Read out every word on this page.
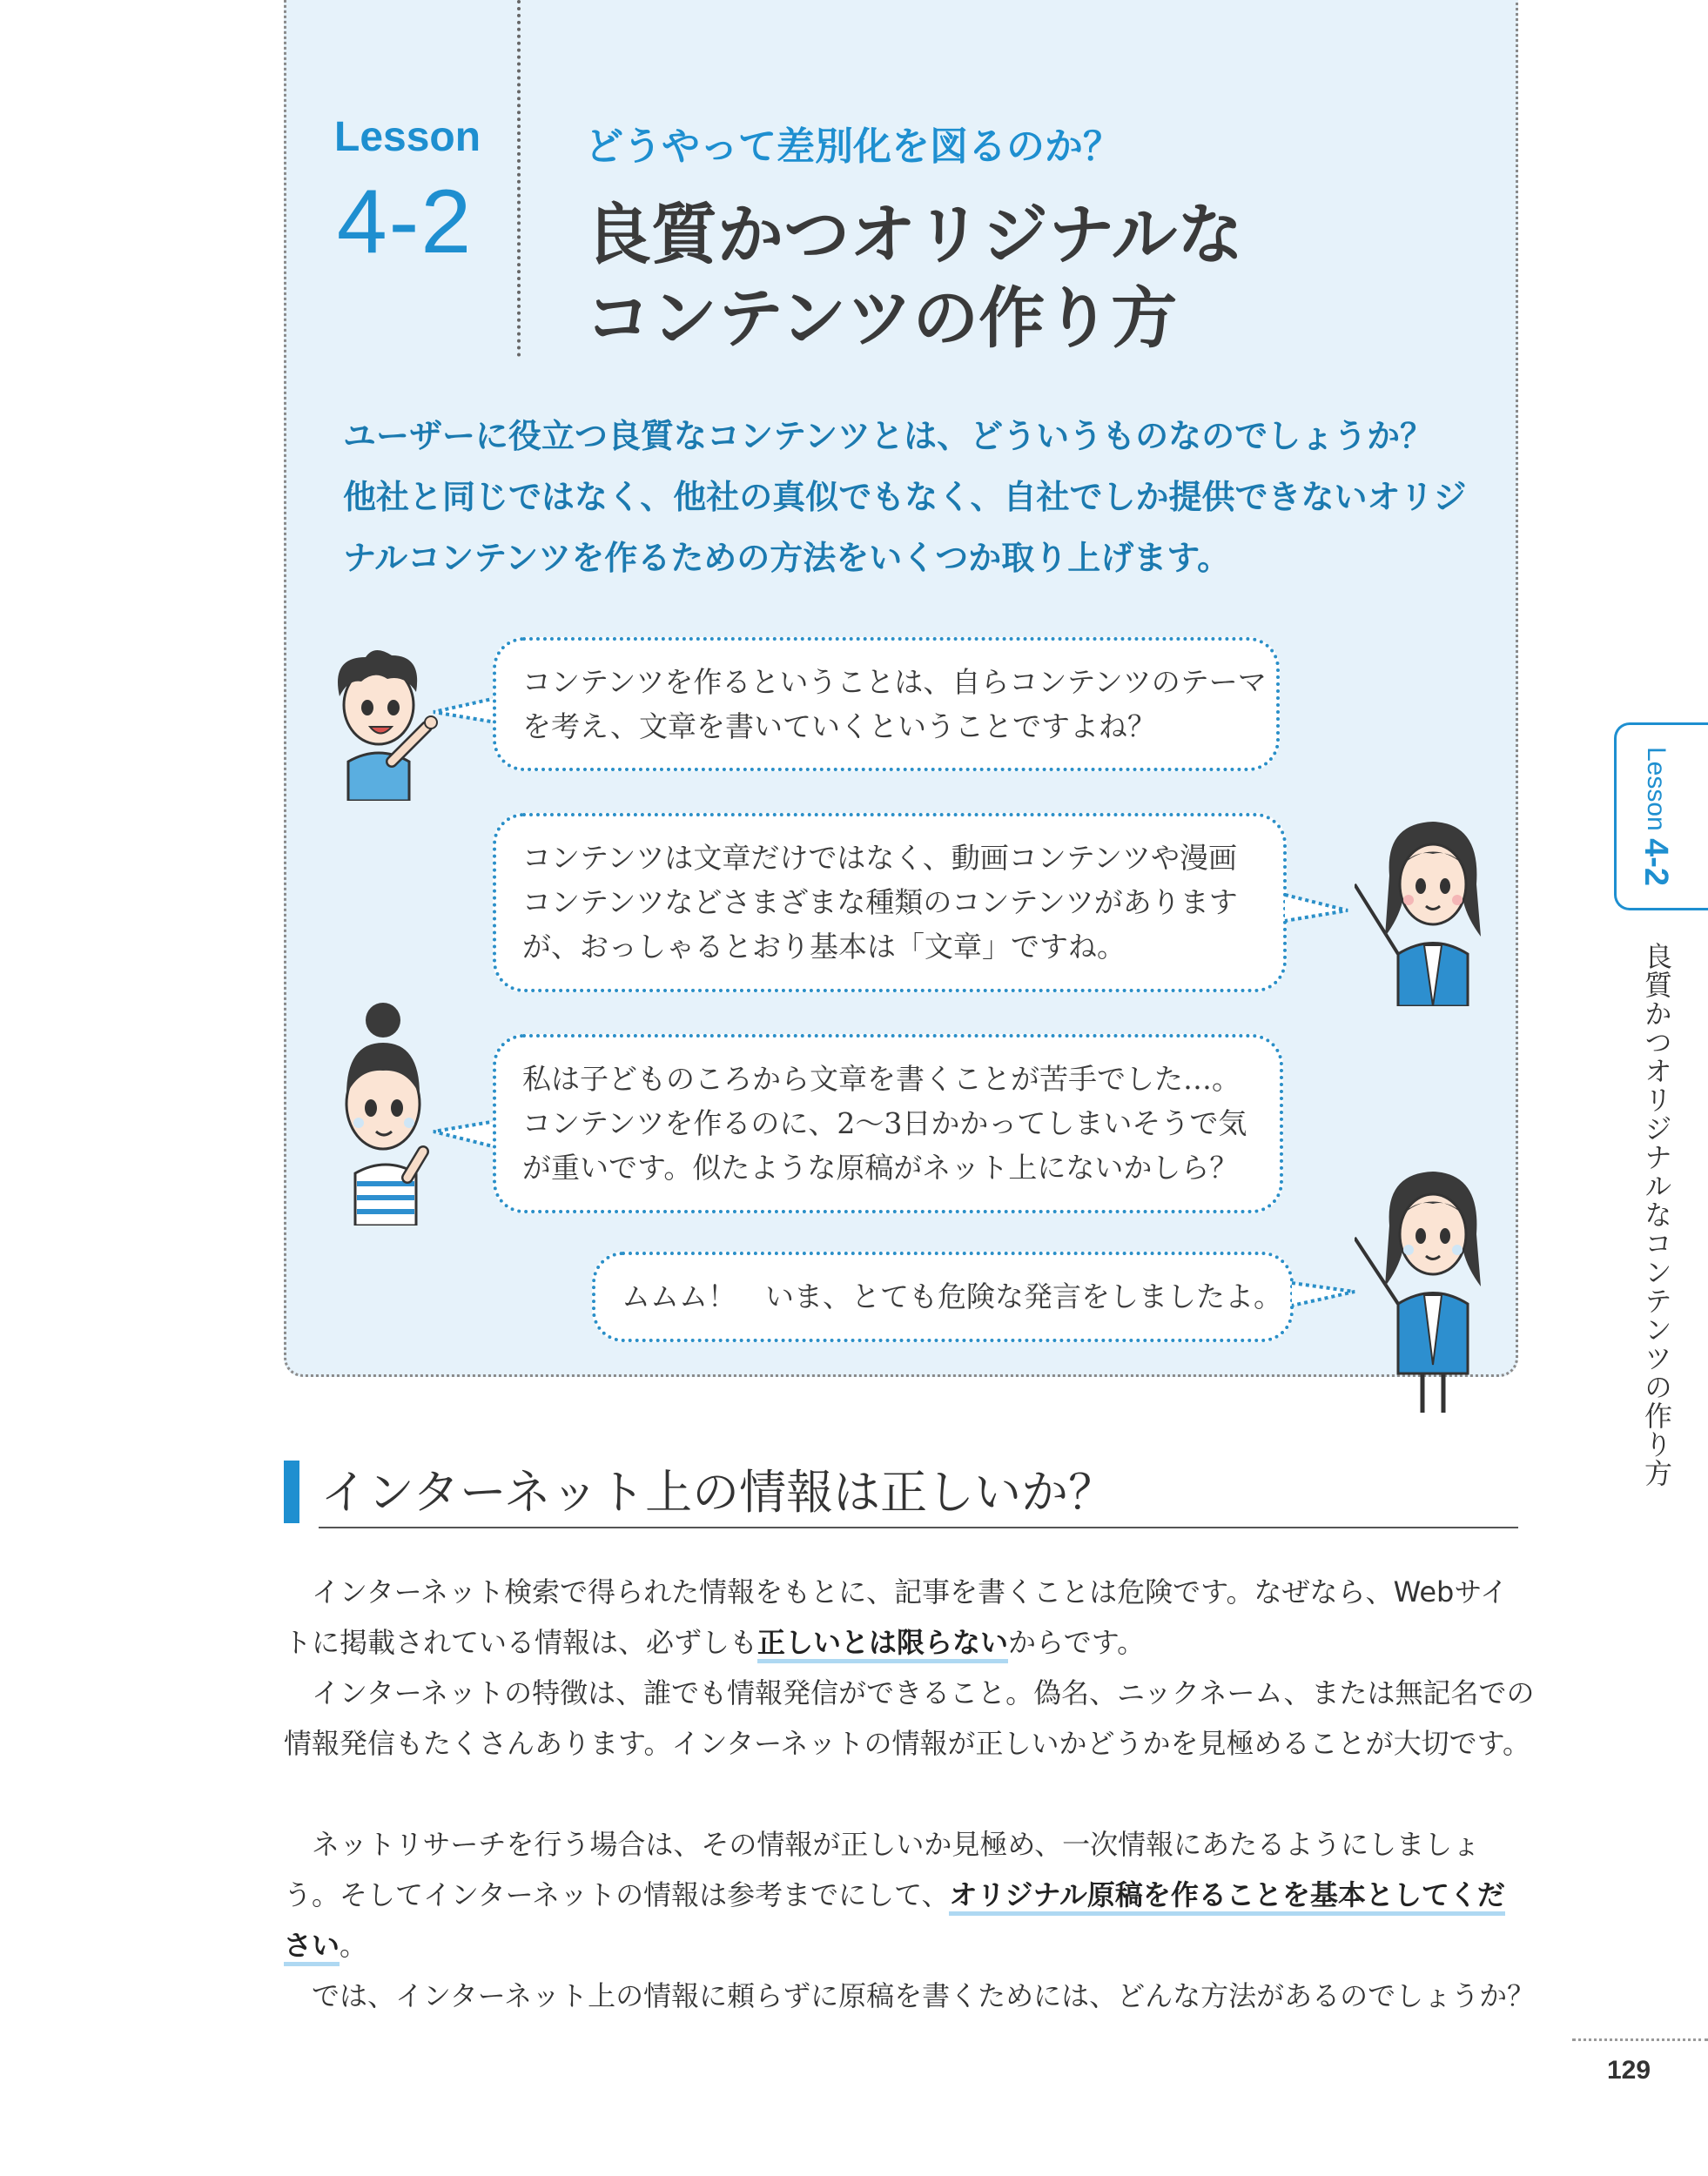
Lesson
4-2
どうやって差別化を図るのか？
良質かつオリジナルな
コンテンツの作り方
ユーザーに役立つ良質なコンテンツとは、どういうものなのでしょうか？
他社と同じではなく、他社の真似でもなく、自社でしか提供できないオリジ
ナルコンテンツを作るための方法をいくつか取り上げます。
コンテンツを作るということは、自らコンテンツのテーマ
を考え、文章を書いていくということですよね？
コンテンツは文章だけではなく、動画コンテンツや漫画
コンテンツなどさまざまな種類のコンテンツがあります
が、おっしゃるとおり基本は「文章」ですね。
私は子どものころから文章を書くことが苦手でした…。
コンテンツを作るのに、2〜3日かかってしまいそうで気
が重いです。似たような原稿がネット上にないかしら？
ムムム！　いま、とても危険な発言をしましたよ。
インターネット上の情報は正しいか？
　インターネット検索で得られた情報をもとに、記事を書くことは危険です。なぜなら、Webサイ
トに掲載されている情報は、必ずしも正しいとは限らないからです。
　インターネットの特徴は、誰でも情報発信ができること。偽名、ニックネーム、または無記名での
情報発信もたくさんあります。インターネットの情報が正しいかどうかを見極めることが大切です。
　ネットリサーチを行う場合は、その情報が正しいか見極め、一次情報にあたるようにしましょ
う。そしてインターネットの情報は参考までにして、オリジナル原稿を作ることを基本としてくだ
さい。
　では、インターネット上の情報に頼らずに原稿を書くためには、どんな方法があるのでしょうか？
Lesson 4-2
良質かつオリジナルなコンテンツの作り方
129
